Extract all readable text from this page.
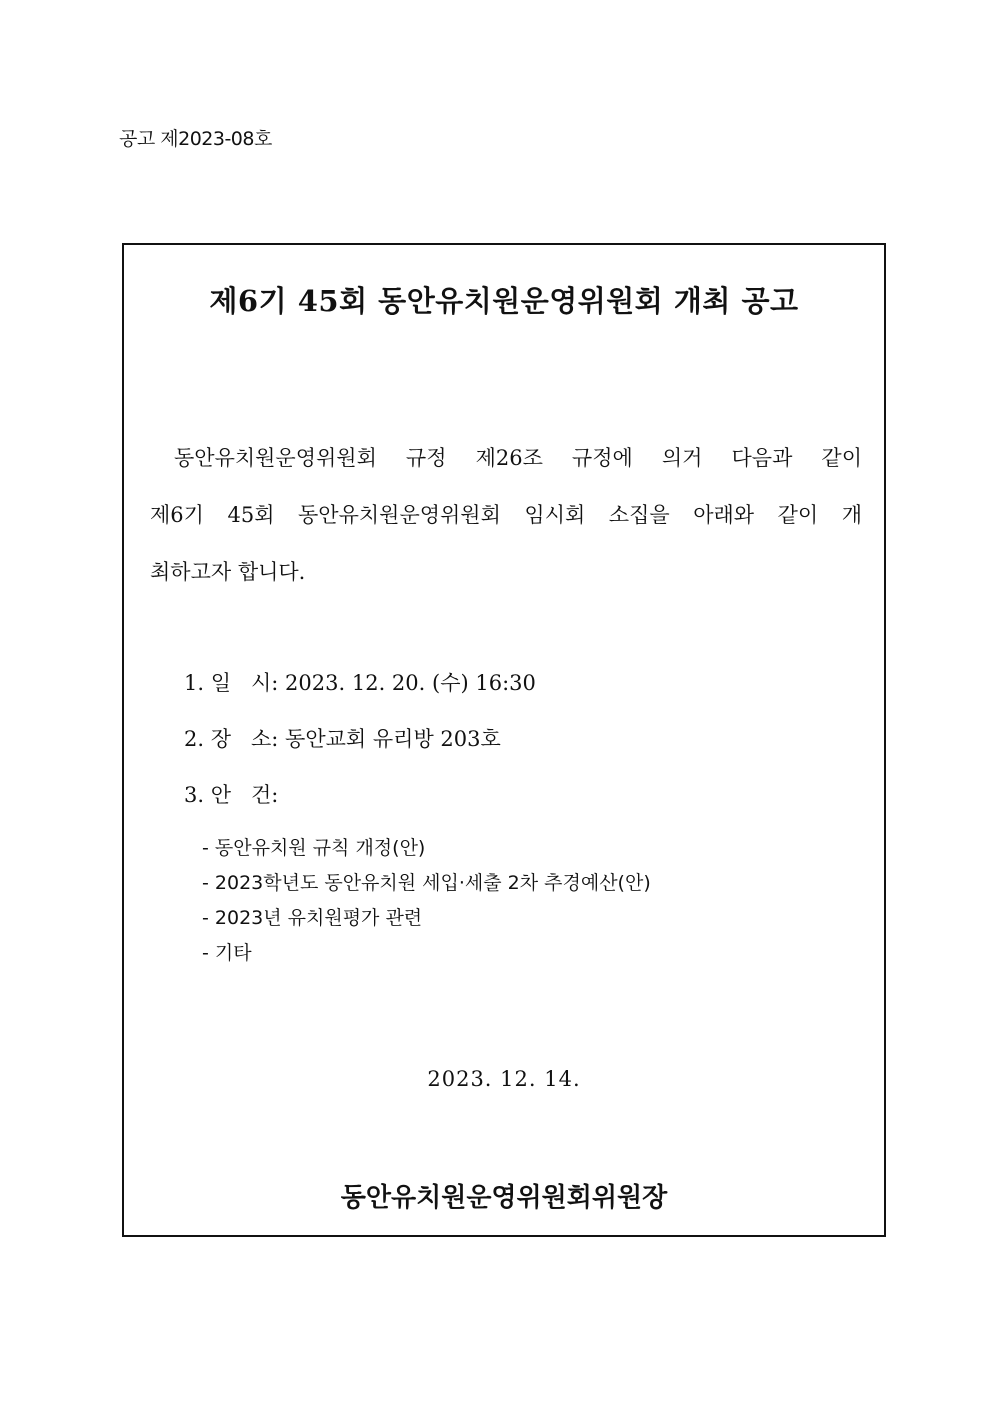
공고 제2023-08호
제6기 45회 동안유치원운영위원회 개최 공고
동안유치원운영위원회 규정 제26조 규정에 의거 다음과 같이
제6기 45회 동안유치원운영위원회 임시회 소집을 아래와 같이 개
최하고자 합니다.
1. 일   시: 2023. 12. 20. (수) 16:30
2. 장   소: 동안교회 유리방 203호
3. 안   건:
- 동안유치원 규칙 개정(안)
- 2023학년도 동안유치원 세입·세출 2차 추경예산(안)
- 2023년 유치원평가 관련
- 기타
2023. 12. 14.
동안유치원운영위원회위원장
